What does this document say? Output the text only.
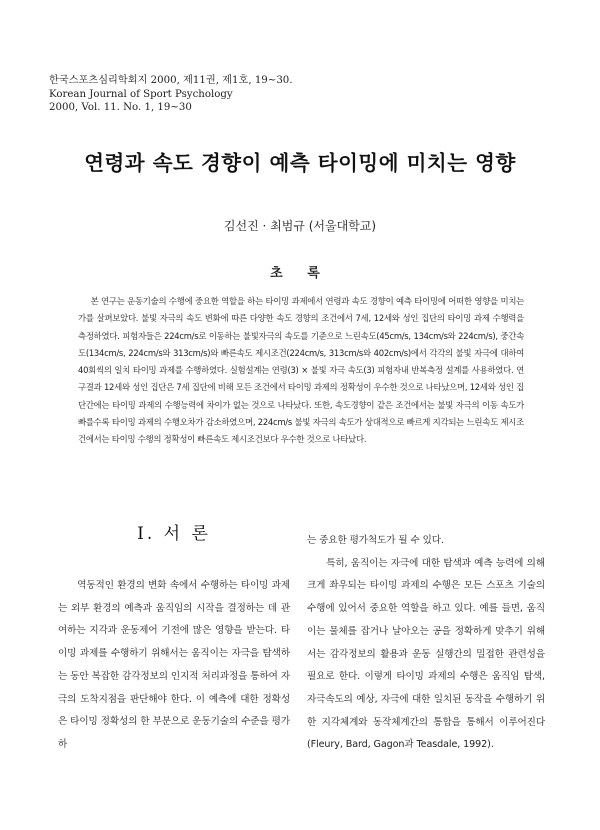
한국스포츠심리학회지 2000, 제11권, 제1호, 19~30.
Korean Journal of Sport Psychology
2000, Vol. 11. No. 1, 19~30
연령과 속도 경향이 예측 타이밍에 미치는 영향
김선진 · 최범규 (서울대학교)
초 록
본 연구는 운동기술의 수행에 중요한 역할을 하는 타이밍 과제에서 연령과 속도 경향이 예측 타이밍에 어떠한 영향을 미치는가를 살펴보았다. 불빛 자극의 속도 변화에 따른 다양한 속도 경향의 조건에서 7세, 12세와 성인 집단의 타이밍 과제 수행력을 측정하였다. 피험자들은 224cm/s로 이동하는 불빛자극의 속도를 기준으로 느린속도(45cm/s, 134cm/s와 224cm/s), 중간속도(134cm/s, 224cm/s와 313cm/s)와 빠른속도 제시조건(224cm/s, 313cm/s와 402cm/s)에서 각각의 불빛 자극에 대하여 40회씩의 일치 타이밍 과제를 수행하였다. 실험설계는 연령(3) × 불빛 자극 속도(3) 피험자내 반복측정 설계를 사용하였다. 연구결과 12세와 성인 집단은 7세 집단에 비해 모든 조건에서 타이밍 과제의 정확성이 우수한 것으로 나타났으며, 12세와 성인 집단간에는 타이밍 과제의 수행능력에 차이가 없는 것으로 나타났다. 또한, 속도경향이 같은 조건에서는 불빛 자극의 이동 속도가 빠를수록 타이밍 과제의 수행오차가 감소하였으며, 224cm/s 불빛 자극의 속도가 상대적으로 빠르게 지각되는 느린속도 제시조건에서는 타이밍 수행의 정확성이 빠른속도 제시조건보다 우수한 것으로 나타났다.
Ⅰ. 서 론

역동적인 환경의 변화 속에서 수행하는 타이밍 과제는 외부 환경의 예측과 움직임의 시작을 결정하는 데 관여하는 지각과 운동제어 기전에 많은 영향을 받는다. 타이밍 과제를 수행하기 위해서는 움직이는 자극을 탐색하는 동안 복잡한 감각정보의 인지적 처리과정을 통하여 자극의 도착지점을 판단해야 한다. 이 예측에 대한 정확성은 타이밍 정확성의 한 부분으로 운동기술의 수준을 평가하

는 중요한 평가척도가 될 수 있다.

특히, 움직이는 자극에 대한 탐색과 예측 능력에 의해 크게 좌우되는 타이밍 과제의 수행은 모든 스포츠 기술의 수행에 있어서 중요한 역할을 하고 있다. 예를 들면, 움직이는 물체를 잡거나 날아오는 공을 정확하게 맞추기 위해서는 감각정보의 활용과 운동 실행간의 밀접한 관련성을 필요로 한다. 이렇게 타이밍 과제의 수행은 움직임 탐색, 자극속도의 예상, 자극에 대한 일치된 동작을 수행하기 위한 지각체계와 동작체계간의 통합을 통해서 이루어진다 (Fleury, Bard, Gagon과 Teasdale, 1992).
